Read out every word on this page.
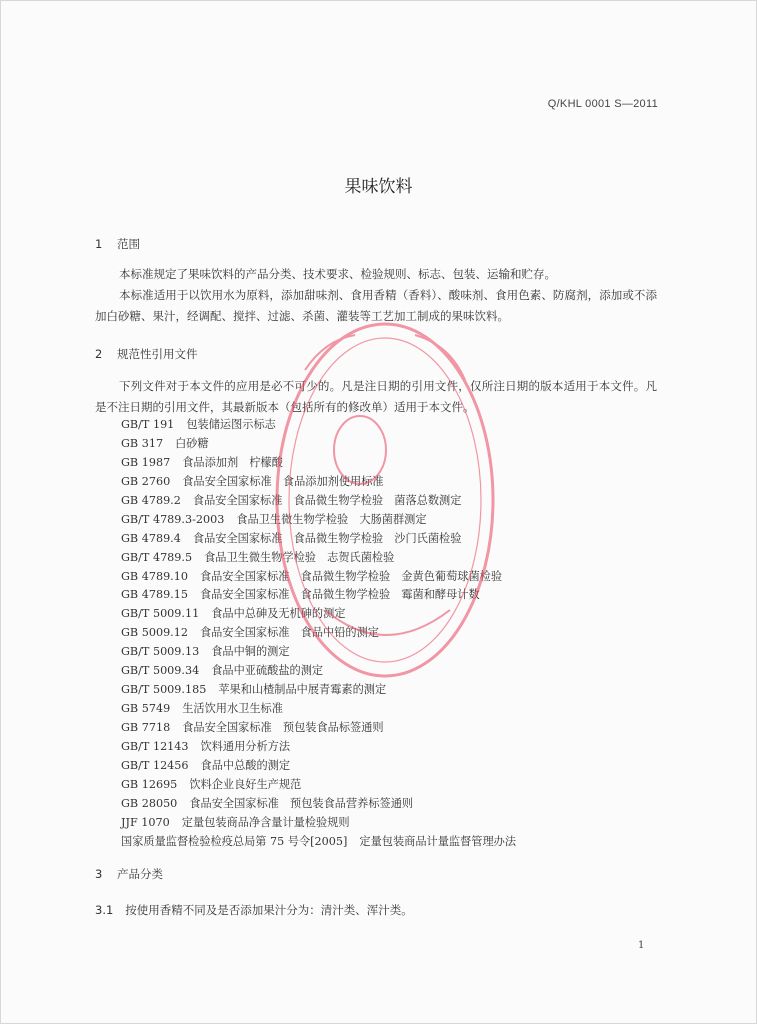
Q/KHL 0001 S—2011
果味饮料
1 范围
本标准规定了果味饮料的产品分类、技术要求、检验规则、标志、包装、运输和贮存。
本标准适用于以饮用水为原料，添加甜味剂、食用香精（香料）、酸味剂、食用色素、防腐剂，添加或不添加白砂糖、果汁，经调配、搅拌、过滤、杀菌、灌装等工艺加工制成的果味饮料。
2 规范性引用文件
下列文件对于本文件的应用是必不可少的。凡是注日期的引用文件，仅所注日期的版本适用于本文件。凡是不注日期的引用文件，其最新版本（包括所有的修改单）适用于本文件。
GB/T 191 包装储运图示标志
GB 317 白砂糖
GB 1987 食品添加剂　柠檬酸
GB 2760 食品安全国家标准　食品添加剂使用标准
GB 4789.2 食品安全国家标准　食品微生物学检验　菌落总数测定
GB/T 4789.3-2003 食品卫生微生物学检验　大肠菌群测定
GB 4789.4 食品安全国家标准　食品微生物学检验　沙门氏菌检验
GB/T 4789.5 食品卫生微生物学检验　志贺氏菌检验
GB 4789.10 食品安全国家标准　食品微生物学检验　金黄色葡萄球菌检验
GB 4789.15 食品安全国家标准　食品微生物学检验　霉菌和酵母计数
GB/T 5009.11 食品中总砷及无机砷的测定
GB 5009.12 食品安全国家标准　食品中铅的测定
GB/T 5009.13 食品中铜的测定
GB/T 5009.34 食品中亚硫酸盐的测定
GB/T 5009.185 苹果和山楂制品中展青霉素的测定
GB 5749 生活饮用水卫生标准
GB 7718 食品安全国家标准　预包装食品标签通则
GB/T 12143 饮料通用分析方法
GB/T 12456 食品中总酸的测定
GB 12695 饮料企业良好生产规范
GB 28050 食品安全国家标准　预包装食品营养标签通则
JJF 1070 定量包装商品净含量计量检验规则
国家质量监督检验检疫总局第 75 号令[2005] 定量包装商品计量监督管理办法
3 产品分类
3.1 按使用香精不同及是否添加果汁分为：清汁类、浑汁类。
1
